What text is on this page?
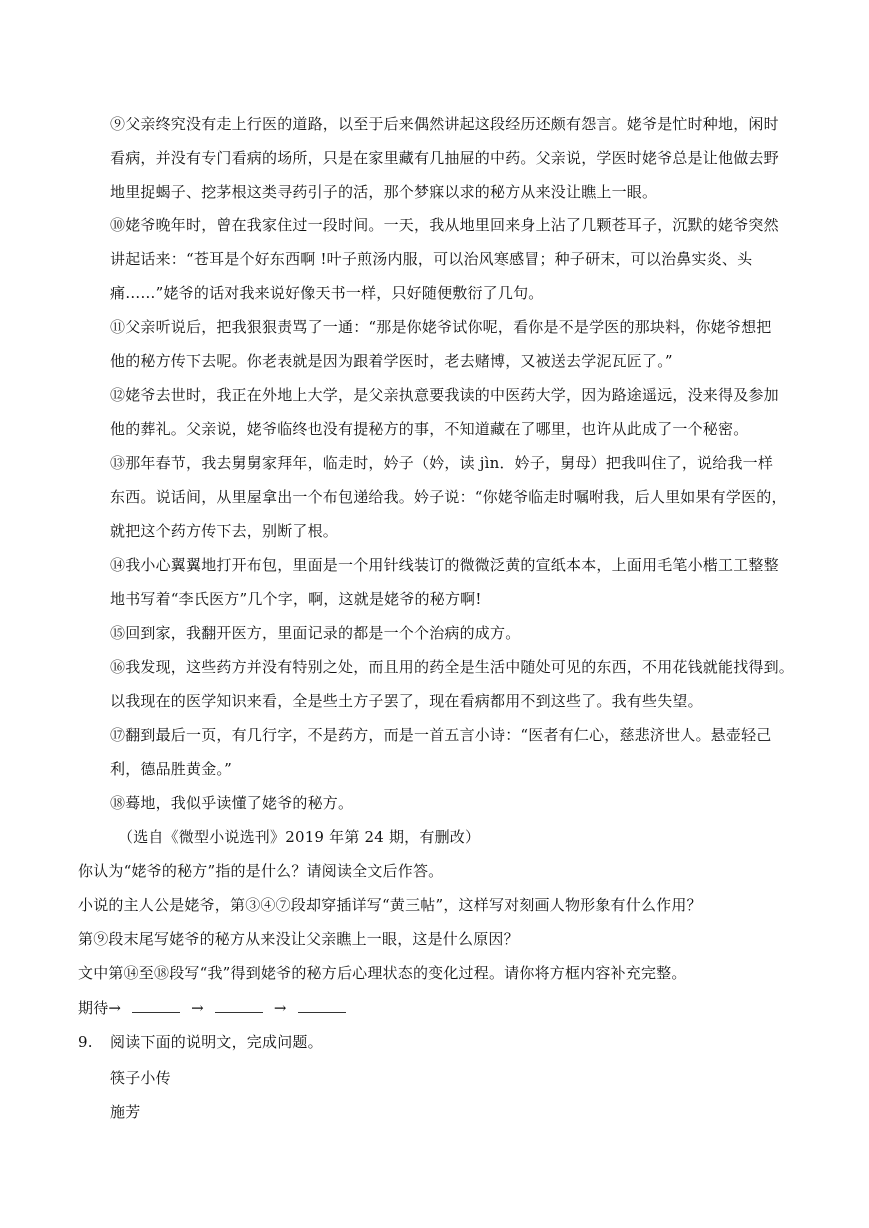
⑨父亲终究没有走上行医的道路，以至于后来偶然讲起这段经历还颇有怨言。姥爷是忙时种地，闲时
看病，并没有专门看病的场所，只是在家里藏有几抽屉的中药。父亲说，学医时姥爷总是让他做去野
地里捉蝎子、挖茅根这类寻药引子的活，那个梦寐以求的秘方从来没让瞧上一眼。
⑩姥爷晚年时，曾在我家住过一段时间。一天，我从地里回来身上沾了几颗苍耳子，沉默的姥爷突然
讲起话来：“苍耳是个好东西啊 !叶子煎汤内服，可以治风寒感冒；种子研末，可以治鼻实炎、头
痛……”姥爷的话对我来说好像天书一样，只好随便敷衍了几句。
⑪父亲听说后，把我狠狠责骂了一通：“那是你姥爷试你呢，看你是不是学医的那块料，你姥爷想把
他的秘方传下去呢。你老表就是因为跟着学医时，老去赌博，又被送去学泥瓦匠了。”
⑫姥爷去世时，我正在外地上大学，是父亲执意要我读的中医药大学，因为路途遥远，没来得及参加
他的葬礼。父亲说，姥爷临终也没有提秘方的事，不知道藏在了哪里，也许从此成了一个秘密。
⑬那年春节，我去舅舅家拜年，临走时，妗子（妗，读 jìn．妗子，舅母）把我叫住了，说给我一样
东西。说话间，从里屋拿出一个布包递给我。妗子说：“你姥爷临走时嘱咐我，后人里如果有学医的，
就把这个药方传下去，别断了根。
⑭我小心翼翼地打开布包，里面是一个用针线装订的微微泛黄的宣纸本本，上面用毛笔小楷工工整整
地书写着“李氏医方”几个字，啊，这就是姥爷的秘方啊!
⑮回到家，我翻开医方，里面记录的都是一个个治病的成方。
⑯我发现，这些药方并没有特别之处，而且用的药全是生活中随处可见的东西，不用花钱就能找得到。
以我现在的医学知识来看，全是些土方子罢了，现在看病都用不到这些了。我有些失望。
⑰翻到最后一页，有几行字，不是药方，而是一首五言小诗：“医者有仁心，慈悲济世人。悬壶轻己
利，德品胜黄金。”
⑱蓦地，我似乎读懂了姥爷的秘方。
（选自《微型小说选刊》2019 年第 24 期，有删改）
你认为“姥爷的秘方”指的是什么？请阅读全文后作答。
小说的主人公是姥爷，第③④⑦段却穿插详写“黄三帖”，这样写对刻画人物形象有什么作用？
第⑨段末尾写姥爷的秘方从来没让父亲瞧上一眼，这是什么原因？
文中第⑭至⑱段写“我”得到姥爷的秘方后心理状态的变化过程。请你将方框内容补充完整。
期待→	→	→
9. 阅读下面的说明文，完成问题。
筷子小传
施芳
